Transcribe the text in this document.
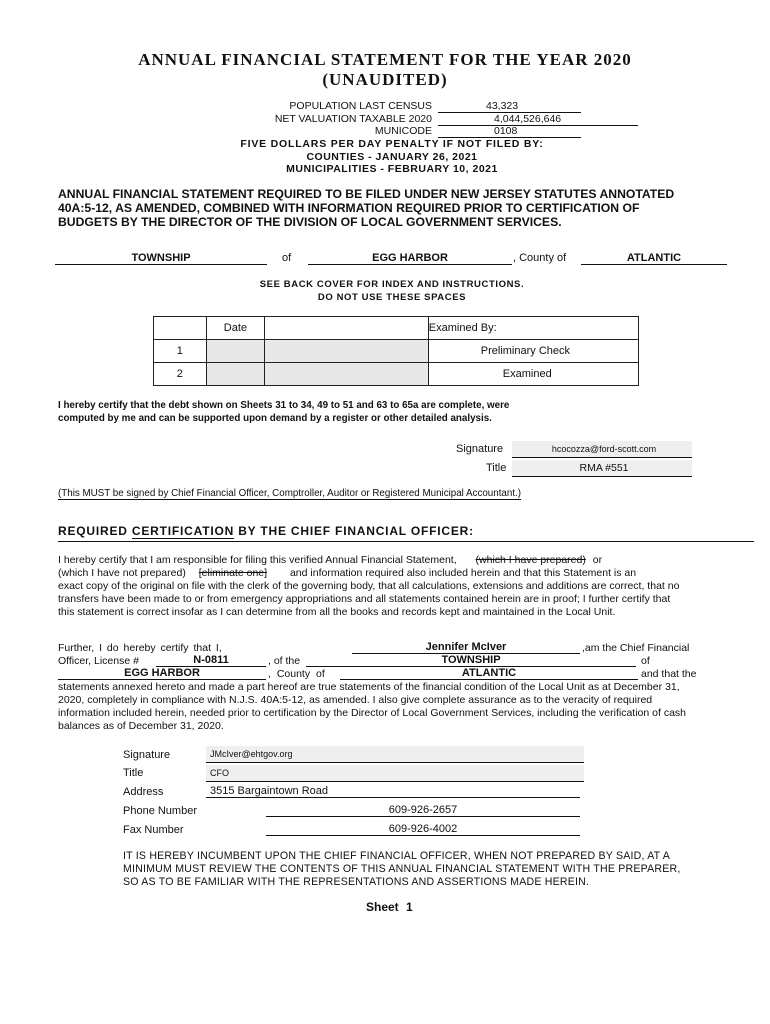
ANNUAL FINANCIAL STATEMENT FOR THE YEAR 2020
(UNAUDITED)
POPULATION LAST CENSUS	43,323
NET VALUATION TAXABLE 2020	4,044,526,646
MUNICODE	0108
FIVE DOLLARS PER DAY PENALTY IF NOT FILED BY:
COUNTIES - JANUARY 26, 2021
MUNICIPALITIES - FEBRUARY 10, 2021
ANNUAL FINANCIAL STATEMENT REQUIRED TO BE FILED UNDER NEW JERSEY STATUTES ANNOTATED 40A:5-12, AS AMENDED, COMBINED WITH INFORMATION REQUIRED PRIOR TO CERTIFICATION OF BUDGETS BY THE DIRECTOR OF THE DIVISION OF LOCAL GOVERNMENT SERVICES.
TOWNSHIP	of	EGG HARBOR	, County of	ATLANTIC
SEE BACK COVER FOR INDEX AND INSTRUCTIONS.
DO NOT USE THESE SPACES
	Date		Examined By:
1			Preliminary Check
2			Examined
I hereby certify that the debt shown on Sheets 31 to 34, 49 to 51 and 63 to 65a are complete, were computed by me and can be supported upon demand by a register or other detailed analysis.
Signature	hcocozza@ford-scott.com
Title	RMA #551
(This MUST be signed by Chief Financial Officer, Comptroller, Auditor or Registered Municipal Accountant.)
REQUIRED CERTIFICATION BY THE CHIEF FINANCIAL OFFICER:
I hereby certify that I am responsible for filing this verified Annual Financial Statement, (which I have prepared) or
(which I have not prepared) [eliminate one] and information required also included herein and that this Statement is an
exact copy of the original on file with the clerk of the governing body, that all calculations, extensions and additions are correct, that no transfers have been made to or from emergency appropriations and all statements contained herein are in proof; I further certify that this statement is correct insofar as I can determine from all the books and records kept and maintained in the Local Unit.
Further, I do hereby certify that I,	Jennifer McIver	,am the Chief Financial
Officer, License #	N-0811	, of the	TOWNSHIP	of
EGG HARBOR	, County of	ATLANTIC	and that the
statements annexed hereto and made a part hereof are true statements of the financial condition of the Local Unit as at December 31, 2020, completely in compliance with N.J.S. 40A:5-12, as amended. I also give complete assurance as to the veracity of required information included herein, needed prior to certification by the Director of Local Government Services, including the verification of cash balances as of December 31, 2020.
Signature	JMcIver@ehtgov.org
Title	CFO
Address	3515 Bargaintown Road
Phone Number	609-926-2657
Fax Number	609-926-4002
IT IS HEREBY INCUMBENT UPON THE CHIEF FINANCIAL OFFICER, WHEN NOT PREPARED BY SAID, AT A MINIMUM MUST REVIEW THE CONTENTS OF THIS ANNUAL FINANCIAL STATEMENT WITH THE PREPARER, SO AS TO BE FAMILIAR WITH THE REPRESENTATIONS AND ASSERTIONS MADE HEREIN.
Sheet 1
